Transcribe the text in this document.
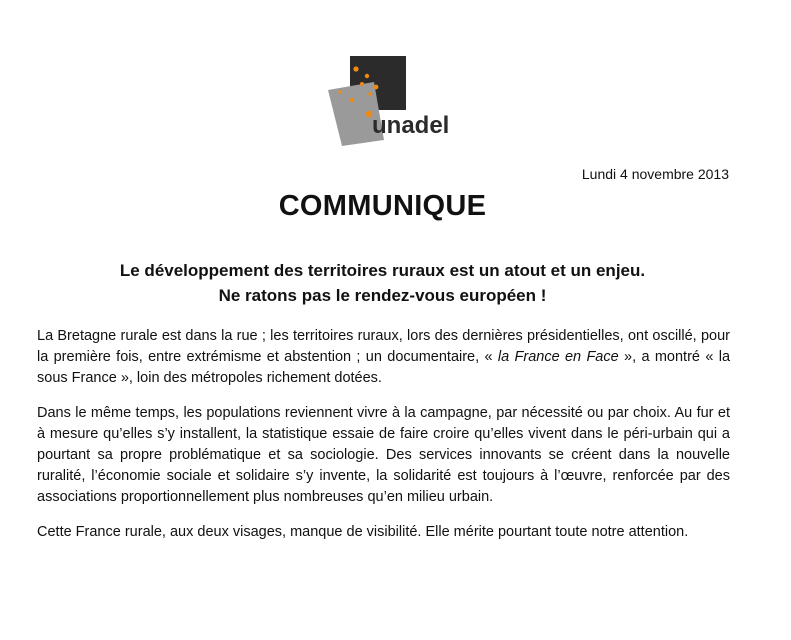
unadel
Lundi 4 novembre 2013
COMMUNIQUE
Le développement des territoires ruraux est un atout et un enjeu.
Ne ratons pas le rendez-vous européen !

La Bretagne rurale est dans la rue ; les territoires ruraux, lors des dernières présidentielles, ont oscillé, pour la première fois, entre extrémisme et abstention ; un documentaire, « la France en Face », a montré « la sous France », loin des métropoles richement dotées.

Dans le même temps, les populations reviennent vivre à la campagne, par nécessité ou par choix. Au fur et à mesure qu’elles s’y installent, la statistique essaie de faire croire qu’elles vivent dans le péri-urbain qui a pourtant sa propre problématique et sa sociologie. Des services innovants se créent dans la nouvelle ruralité, l’économie sociale et solidaire s’y invente, la solidarité est toujours à l’œuvre, renforcée par des associations proportionnellement plus nombreuses qu’en milieu urbain.

Cette France rurale, aux deux visages, manque de visibilité. Elle mérite pourtant toute notre attention.
